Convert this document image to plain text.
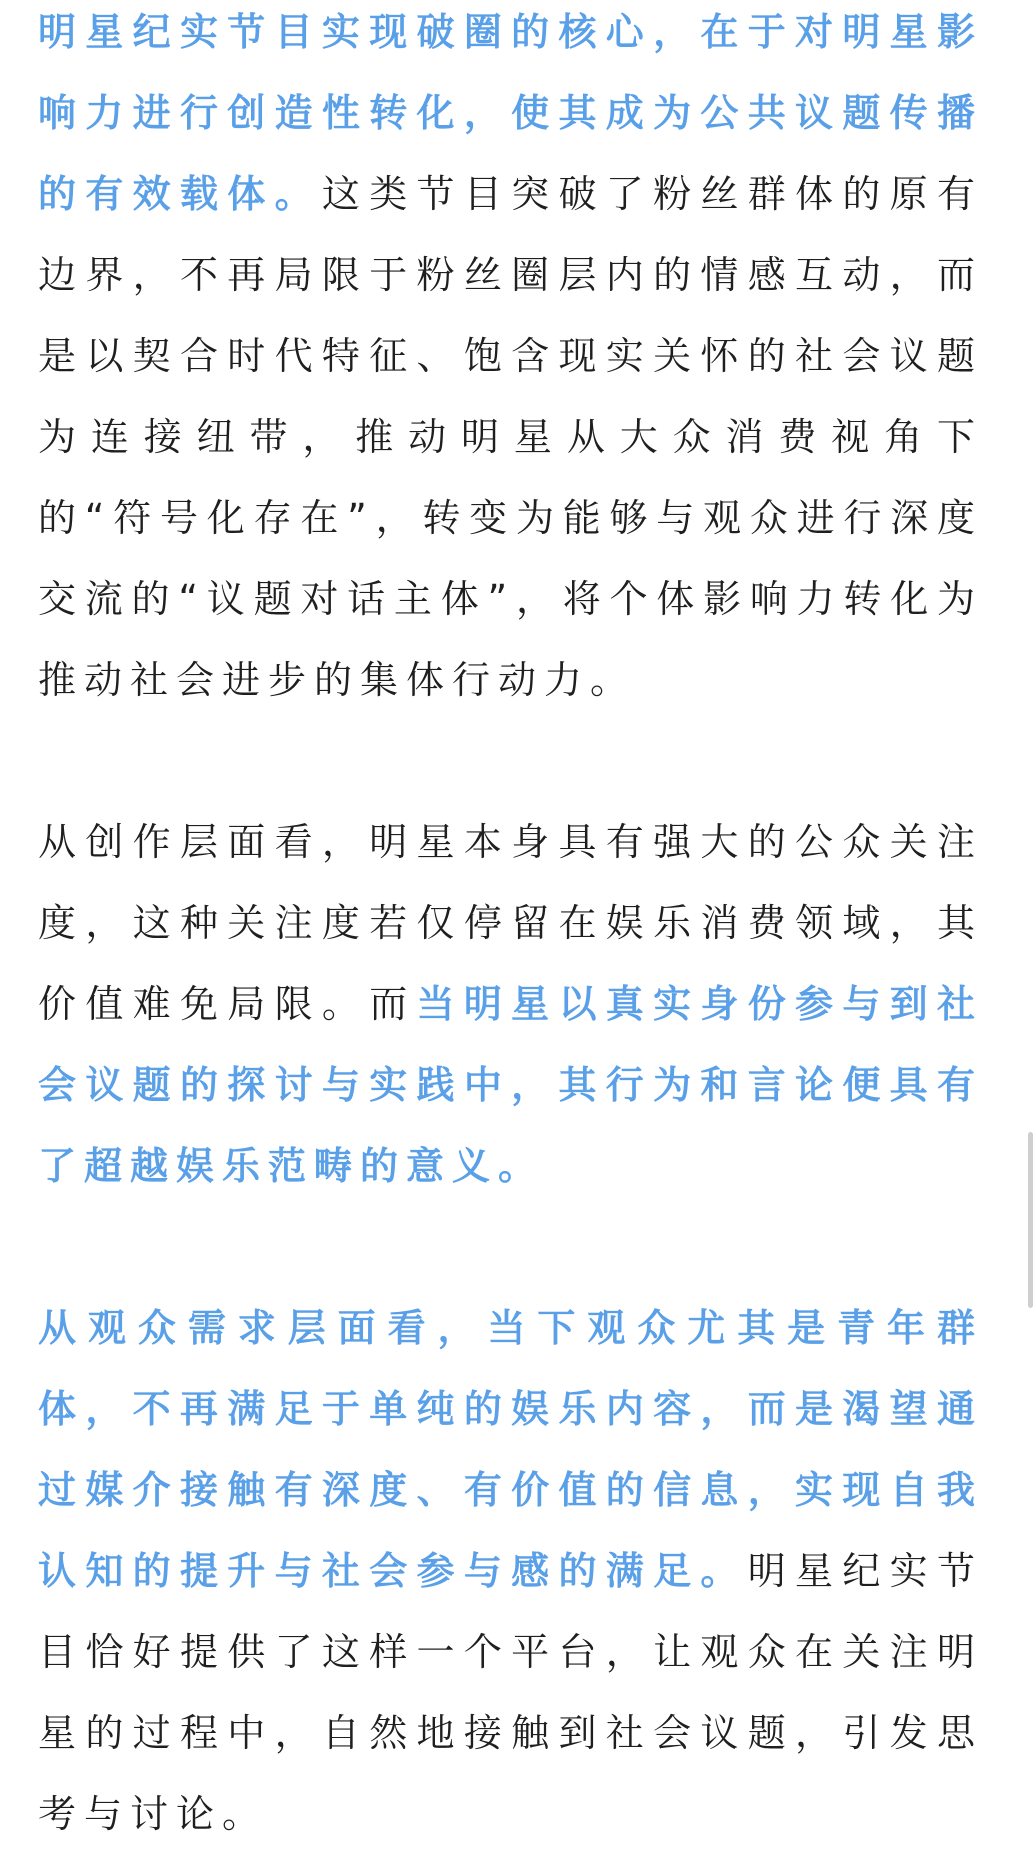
明星纪实节目实现破圈的核心，在于对明星影响力进行创造性转化，使其成为公共议题传播的有效载体。这类节目突破了粉丝群体的原有边界，不再局限于粉丝圈层内的情感互动，而是以契合时代特征、饱含现实关怀的社会议题为连接纽带，推动明星从大众消费视角下的“符号化存在”，转变为能够与观众进行深度交流的“议题对话主体”，将个体影响力转化为推动社会进步的集体行动力。

从创作层面看，明星本身具有强大的公众关注度，这种关注度若仅停留在娱乐消费领域，其价值难免局限。而当明星以真实身份参与到社会议题的探讨与实践中，其行为和言论便具有了超越娱乐范畴的意义。

从观众需求层面看，当下观众尤其是青年群体，不再满足于单纯的娱乐内容，而是渴望通过媒介接触有深度、有价值的信息，实现自我认知的提升与社会参与感的满足。明星纪实节目恰好提供了这样一个平台，让观众在关注明星的过程中，自然地接触到社会议题，引发思考与讨论。
